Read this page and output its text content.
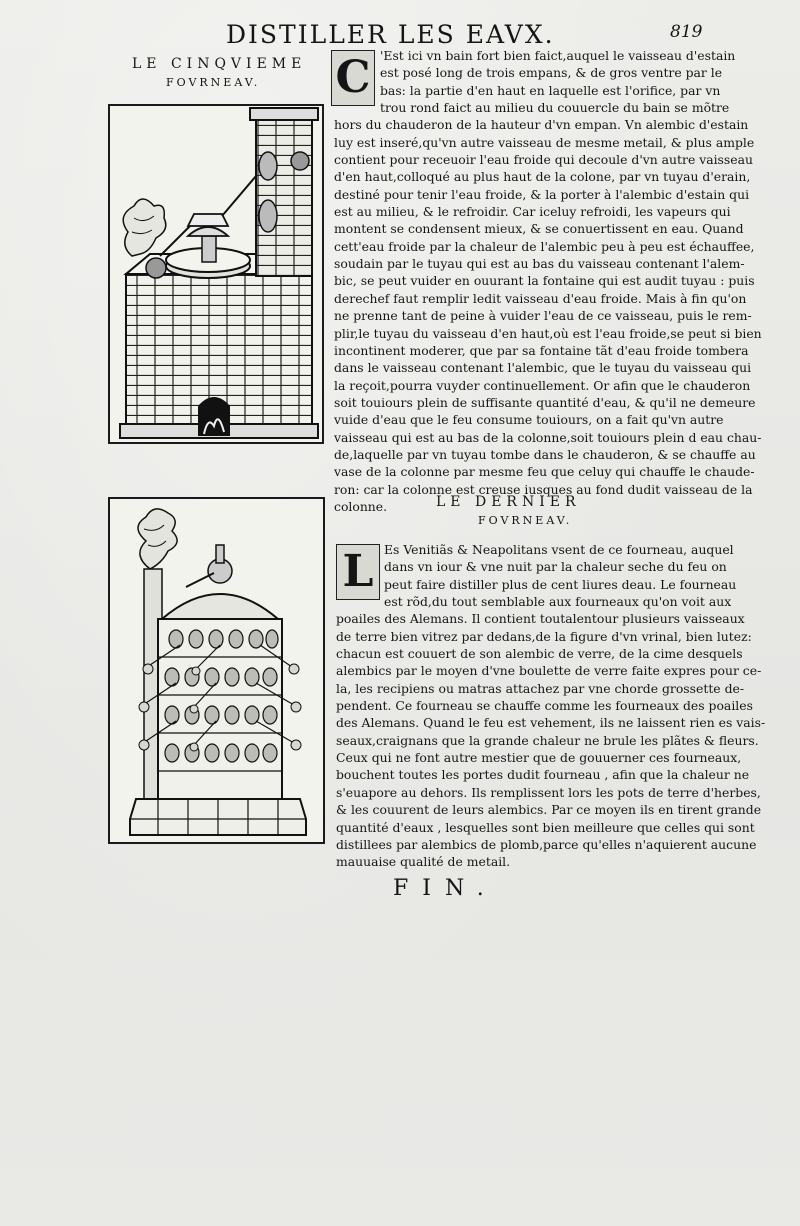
DISTILLER LES EAVX.	819
LE CINQVIEME
FOVRNEAV.	C 'Est ici vn bain fort bien faict,auquel le vaisseau d'estain
est posé long de trois empans, & de gros ventre par le
bas: la partie d'en haut en laquelle est l'orifice, par vn
trou rond faict au milieu du couuercle du bain se mõtre
hors du chauderon de la hauteur d'vn empan. Vn alembic d'estain
luy est inseré,qu'vn autre vaisseau de mesme metail, & plus ample
contient pour receuoir l'eau froide qui decoule d'vn autre vaisseau
d'en haut,colloqué au plus haut de la colone, par vn tuyau d'erain,
destiné pour tenir l'eau froide, & la porter à l'alembic d'estain qui
est au milieu, & le refroidir. Car iceluy refroidi, les vapeurs qui
montent se condensent mieux, & se conuertissent en eau. Quand
cett'eau froide par la chaleur de l'alembic peu à peu est échauffee,
soudain par le tuyau qui est au bas du vaisseau contenant l'alem-
bic, se peut vuider en ouurant la fontaine qui est audit tuyau : puis
derechef faut remplir ledit vaisseau d'eau froide. Mais à fin qu'on
ne prenne tant de peine à vuider l'eau de ce vaisseau, puis le rem-
plir,le tuyau du vaisseau d'en haut,où est l'eau froide,se peut si bien
incontinent moderer, que par sa fontaine tãt d'eau froide tombera
dans le vaisseau contenant l'alembic, que le tuyau du vaisseau qui
la reçoit,pourra vuyder continuellement. Or afin que le chauderon
soit touiours plein de suffisante quantité d'eau, & qu'il ne demeure
vuide d'eau que le feu consume touiours, on a fait qu'vn autre
vaisseau qui est au bas de la colonne,soit touiours plein d eau chau-
de,laquelle par vn tuyau tombe dans le chauderon, & se chauffe au
vase de la colonne par mesme feu que celuy qui chauffe le chaude-
ron: car la colonne est creuse iusques au fond dudit vaisseau de la
colonne.	LE DERNIER
FOVRNEAV.
L Es Venitiãs & Neapolitans vsent de ce fourneau, auquel
dans vn iour & vne nuit par la chaleur seche du feu on
peut faire distiller plus de cent liures deau. Le fourneau
est rõd,du tout semblable aux fourneaux qu'on voit aux
poailes des Alemans. Il contient toutalentour plusieurs vaisseaux
de terre bien vitrez par dedans,de la figure d'vn vrinal, bien lutez:
chacun est couuert de son alembic de verre, de la cime desquels
alembics par le moyen d'vne boulette de verre faite expres pour ce-
la, les recipiens ou matras attachez par vne chorde grossette de-
pendent. Ce fourneau se chauffe comme les fourneaux des poailes
des Alemans. Quand le feu est vehement, ils ne laissent rien es vais-
seaux,craignans que la grande chaleur ne brule les plãtes & fleurs.
Ceux qui ne font autre mestier que de gouuerner ces fourneaux,
bouchent toutes les portes dudit fourneau , afin que la chaleur ne
s'euapore au dehors. Ils remplissent lors les pots de terre d'herbes,
& les couurent de leurs alembics. Par ce moyen ils en tirent grande
quantité d'eaux , lesquelles sont bien meilleure que celles qui sont
distillees par alembics de plomb,parce qu'elles n'aquierent aucune
mauuaise qualité de metail.
FIN.
